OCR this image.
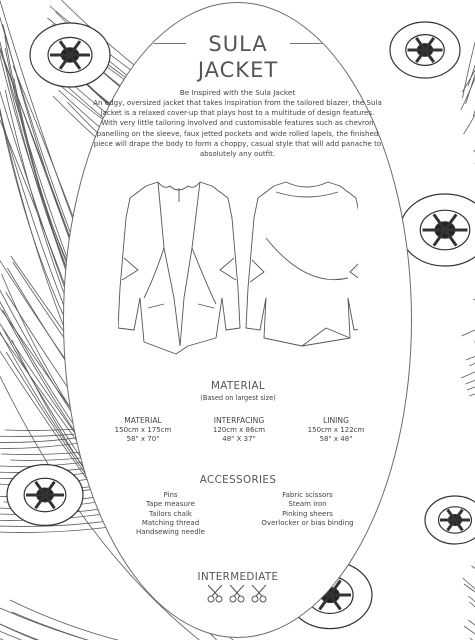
SULA
JACKET
Be Inspired with the Sula Jacket
An edgy, oversized jacket that takes inspiration from the tailored blazer, the Sula jacket is a relaxed cover-up that plays host to a multitude of design features. With very little tailoring involved and customisable features such as chevron panelling on the sleeve, faux jetted pockets and wide rolled lapels, the finished piece will drape the body to form a choppy, casual style that will add panache to absolutely any outfit.
MATERIAL
(Based on largest size)
MATERIAL
150cm x 175cm
58" x 70"
INTERFACING
120cm x 86cm
48" X 37"
LINING
150cm x 122cm
58" x 48"
ACCESSORIES
Pins
Tape measure
Tailors chalk
Matching thread
Handsewing needle
Fabric scissors
Steam iron
Pinking sheers
Overlocker or bias binding
INTERMEDIATE
